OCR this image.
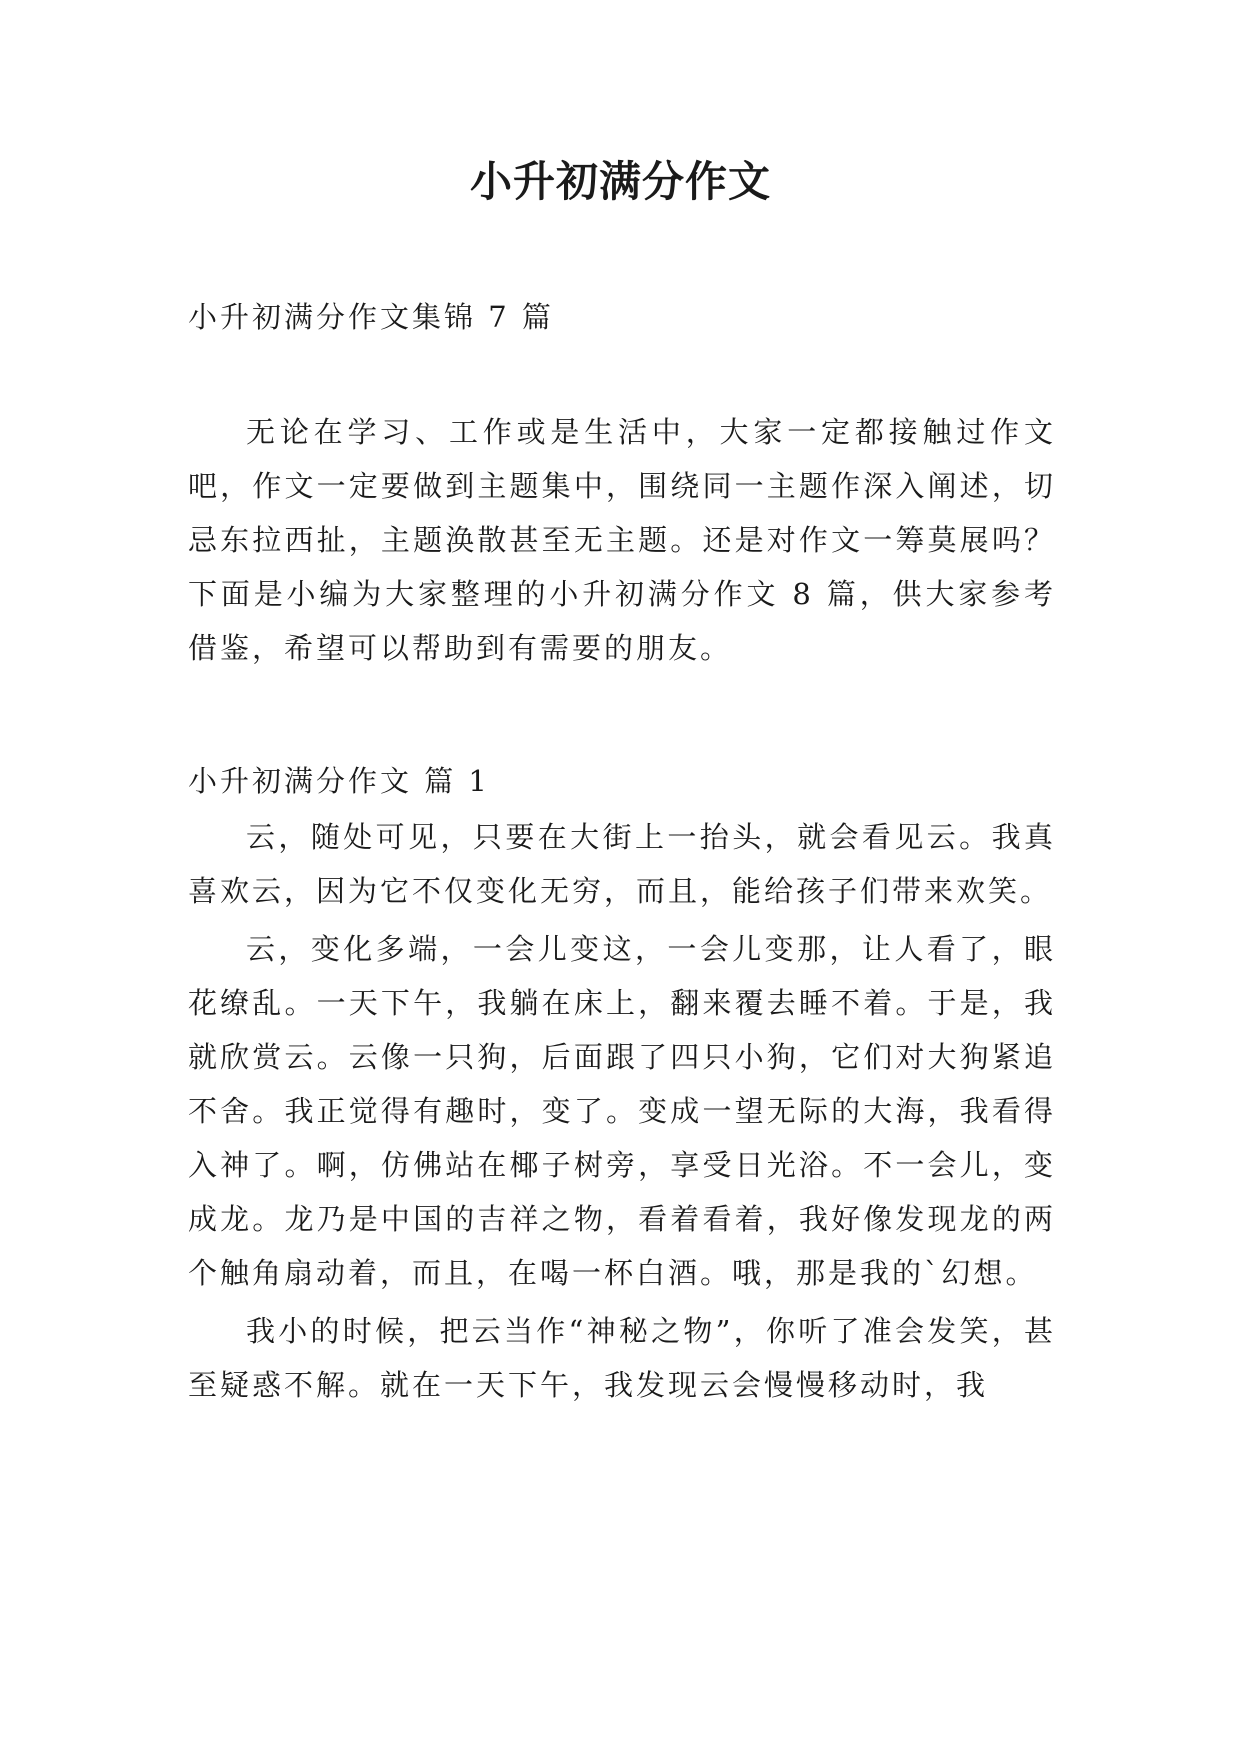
小升初满分作文

小升初满分作文集锦 7 篇

无论在学习、工作或是生活中，大家一定都接触过作文吧，作文一定要做到主题集中，围绕同一主题作深入阐述，切忌东拉西扯，主题涣散甚至无主题。还是对作文一筹莫展吗？下面是小编为大家整理的小升初满分作文 8 篇，供大家参考借鉴，希望可以帮助到有需要的朋友。

小升初满分作文 篇 1

云，随处可见，只要在大街上一抬头，就会看见云。我真喜欢云，因为它不仅变化无穷，而且，能给孩子们带来欢笑。

云，变化多端，一会儿变这，一会儿变那，让人看了，眼花缭乱。一天下午，我躺在床上，翻来覆去睡不着。于是，我就欣赏云。云像一只狗，后面跟了四只小狗，它们对大狗紧追不舍。我正觉得有趣时，变了。变成一望无际的大海，我看得入神了。啊，仿佛站在椰子树旁，享受日光浴。不一会儿，变成龙。龙乃是中国的吉祥之物，看着看着，我好像发现龙的两个触角扇动着，而且，在喝一杯白酒。哦，那是我的`幻想。

我小的时候，把云当作“神秘之物”，你听了准会发笑，甚至疑惑不解。就在一天下午，我发现云会慢慢移动时，我
